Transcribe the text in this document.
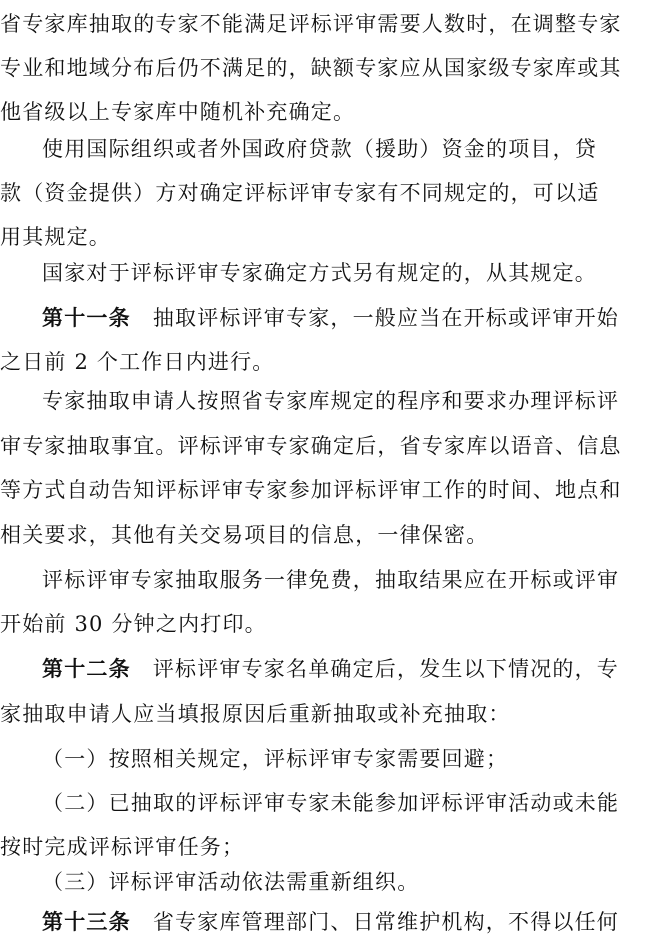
省专家库抽取的专家不能满足评标评审需要人数时，在调整专家
专业和地域分布后仍不满足的，缺额专家应从国家级专家库或其
他省级以上专家库中随机补充确定。
使用国际组织或者外国政府贷款（援助）资金的项目，贷
款（资金提供）方对确定评标评审专家有不同规定的，可以适
用其规定。
国家对于评标评审专家确定方式另有规定的，从其规定。
第十一条 抽取评标评审专家，一般应当在开标或评审开始
之日前 2 个工作日内进行。
专家抽取申请人按照省专家库规定的程序和要求办理评标评
审专家抽取事宜。评标评审专家确定后，省专家库以语音、信息
等方式自动告知评标评审专家参加评标评审工作的时间、地点和
相关要求，其他有关交易项目的信息，一律保密。
评标评审专家抽取服务一律免费，抽取结果应在开标或评审
开始前 30 分钟之内打印。
第十二条 评标评审专家名单确定后，发生以下情况的，专
家抽取申请人应当填报原因后重新抽取或补充抽取：
（一）按照相关规定，评标评审专家需要回避；
（二）已抽取的评标评审专家未能参加评标评审活动或未能
按时完成评标评审任务；
（三）评标评审活动依法需重新组织。
第十三条 省专家库管理部门、日常维护机构，不得以任何
